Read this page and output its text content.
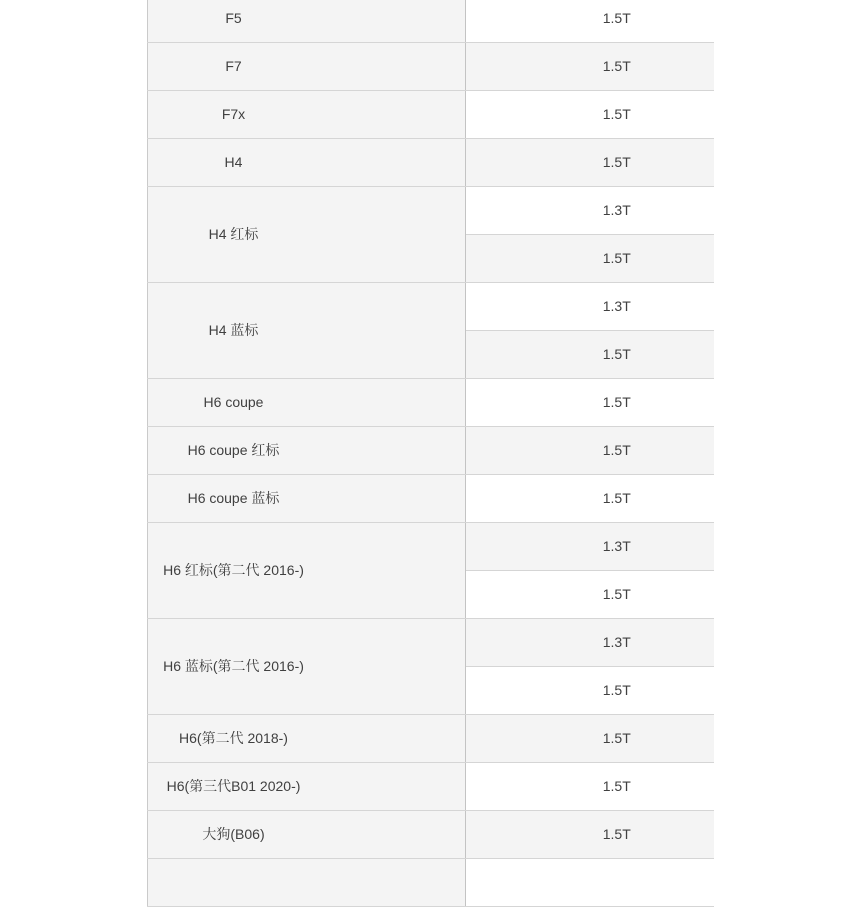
F5	1.5T
F7	1.5T
F7x	1.5T
H4	1.5T
H4 红标	1.3T
	1.5T
H4 蓝标	1.3T
	1.5T
H6 coupe	1.5T
H6 coupe 红标	1.5T
H6 coupe 蓝标	1.5T
H6 红标(第二代 2016-)	1.3T
	1.5T
H6 蓝标(第二代 2016-)	1.3T
	1.5T
H6(第二代 2018-)	1.5T
H6(第三代B01 2020-)	1.5T
大狗(B06)	1.5T
